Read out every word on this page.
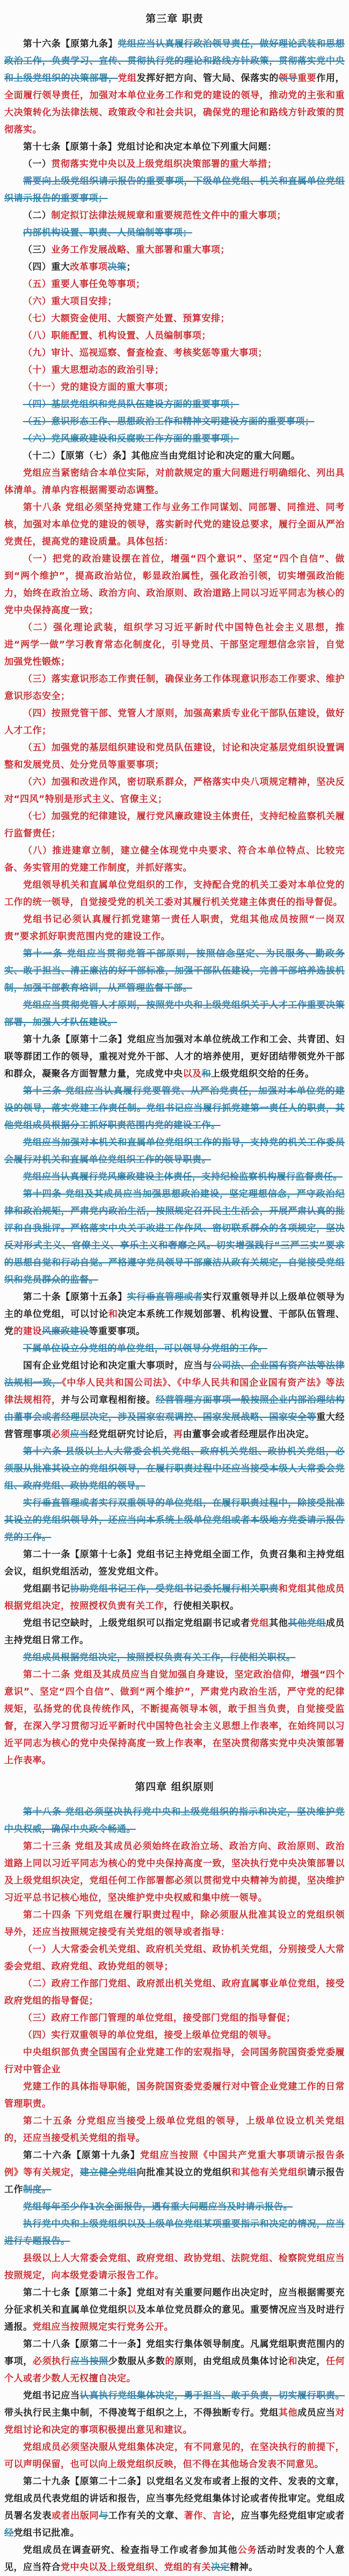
第三章 职责

第十六条【原第九条】党组应当认真履行政治领导责任，做好理论武装和思想政治工作，负责学习、宣传、贯彻执行党的理论和路线方针政策，贯彻落实党中央和上级党组织的决策部署，党组发挥好把方向、管大局、保落实的领导重要作用，全面履行领导责任，加强对本单位业务工作和党的建设的领导，推动党的主张和重大决策转化为法律法规、政策政令和社会共识，确保党的理论和路线方针政策的贯彻落实。

第十七条【原第十条】党组讨论和决定本单位下列重大问题：

（一）贯彻落实党中央以及上级党组织决策部署的重大举措；

需要向上级党组织请示报告的重要事项，下级单位党组、机关和直属单位党组织请示报告的重要事项；

（二）制定拟订法律法规规章和重要规范性文件中的重大事项；

内部机构设置、职责、人员编制等事项；

（三）业务工作发展战略、重大部署和重大事项；

（四）重大改革事项决策；

（五）重要人事任免等事项；

（六）重大项目安排；

（七）大额资金使用、大额资产处置、预算安排；

（八）职能配置、机构设置、人员编制事项；

（九）审计、巡视巡察、督查检查、考核奖惩等重大事项；

（十）重大思想动态的政治引导；

（十一）党的建设方面的重大事项；

（四）基层党组织和党员队伍建设方面的重要事项；

（五）意识形态工作、思想政治工作和精神文明建设方面的重要事项；

（六）党风廉政建设和反腐败工作方面的重要事项；

（十二）【原第（七）条】其他应当由党组讨论和决定的重大问题。

党组应当紧密结合本单位实际，对前款规定的重大问题进行明确细化、列出具体清单。清单内容根据需要动态调整。

第十八条 党组必须坚持党建工作与业务工作同谋划、同部署、同推进、同考核，加强对本单位党的建设的领导，落实新时代党的建设总要求，履行全面从严治党责任，提高党的建设质量。具体包括：

（一）把党的政治建设摆在首位，增强“四个意识”、坚定“四个自信”、做到“两个维护”，提高政治站位，彰显政治属性，强化政治引领，切实增强政治能力，始终在政治立场、政治方向、政治原则、政治道路上同以习近平同志为核心的党中央保持高度一致；

（二）强化理论武装，组织学习习近平新时代中国特色社会主义思想，推进“两学一做”学习教育常态化制度化，引导党员、干部坚定理想信念宗旨，自觉加强党性锻炼；

（三）落实意识形态工作责任制，确保业务工作体现意识形态工作要求、维护意识形态安全；

（四）按照党管干部、党管人才原则，加强高素质专业化干部队伍建设，做好人才工作；

（五）加强党的基层组织建设和党员队伍建设，讨论和决定基层党组织设置调整和发展党员、处分党员等重要事项；

（六）加强和改进作风，密切联系群众，严格落实中央八项规定精神，坚决反对“四风”特别是形式主义、官僚主义；

（七）加强党的纪律建设，履行党风廉政建设主体责任，支持纪检监察机关履行监督责任；

（八）推进建章立制，建立健全体现党中央要求、符合本单位特点、比较完备、务实管用的党建工作制度，并抓好落实。

党组领导机关和直属单位党组织的工作，支持配合党的机关工委对本单位党的工作的统一领导，自觉接受党的机关工委对其履行机关党建主体责任的指导督促。

党组书记必须认真履行抓党建第一责任人职责，党组其他成员按照“一岗双责”要求抓好职责范围内党的建设工作。

第十一条 党组应当贯彻党管干部原则，按照信念坚定、为民服务、勤政务实、敢于担当、清正廉洁的好干部标准，加强干部队伍建设，完善干部培养选拔机制，加强干部教育培训，从严管理监督干部。

党组应当贯彻党管人才原则，按照党中央和上级党组织关于人才工作重要决策部署，加强人才队伍建设。

第十九条【原第十二条】党组应当加强对本单位统战工作和工会、共青团、妇联等群团工作的领导，重视对党外干部、人才的培养使用，更好团结带领党外干部和群众，凝聚各方面智慧力量，完成党中央以及和上级党组织交给的任务。

第十三条 党组应当认真履行党要管党、从严治党责任，加强对本单位党的建设的领导，落实党建工作责任制。党组书记应当履行抓党建第一责任人的职责，其他党组成员根据分工抓好职责范围内党的建设工作。

党组应当加强对本机关和直属单位党组织工作的指导，支持党的机关工作委员会履行对机关和直属单位党组织工作的领导职责。

党组应当认真履行党风廉政建设主体责任，支持纪检监察机构履行监督责任。

第十四条 党组及其成员应当加强思想政治建设，坚定理想信念，严守政治纪律和政治规矩，严肃党内政治生活，按照规定召开民主生活会，开展严肃认真的批评和自我批评。严格落实中央关于改进工作作风、密切联系群众的各项规定，坚决反对形式主义、官僚主义、享乐主义和奢靡之风。切实增强践行“三严三实”要求的思想自觉和行动自觉。严格遵守党员领导干部廉洁从政有关规定，自觉接受党组织和党员群众的监督。

第二十条【原第十五条】实行垂直管理或者实行双重领导并以上级单位领导为主的单位党组，可以讨论和决定本系统工作规划部署、机构设置、干部队伍管理、党的建设风廉政建设等重要事项。

下属单位设立分党组的单位党组，可以领导分党组的工作。

国有企业党组讨论和决定重大事项时，应当与公司法、企业国有资产法等法律法规相一致，《中华人民共和国公司法》、《中华人民共和国企业国有资产法》等法律法规相符，并与公司章程相衔接。经营管理方面事项一般按照企业内部治理结构由董事会或者经理层决定，涉及国家宏观调控、国家发展战略、国家安全等重大经营管理事项必须应当经党组研究讨论后，再由董事会或者经理层作出决定。

第十六条 县级以上人大常委会机关党组、政府机关党组、政协机关党组，必须服从批准其设立的党组织领导，在履行职责过程中还应当接受本级人大常委会党组、政府党组、政协党组的领导。

实行垂直管理或者实行双重领导的单位党组，在履行职责过程中，除接受批准其设立的党组织领导外，还应当向本系统上级单位党组或者本级地方党委请示报告党的工作。

第二十一条【原第十七条】党组书记主持党组全面工作，负责召集和主持党组会议，组织党组活动，签发党组文件。

党组副书记协助党组书记工作，受党组书记委托履行相关职责和党组其他成员根据党组决定，按照授权负责有关工作，行使相关职权。

党组书记空缺时，上级党组织可以指定党组副书记或者党组其他其他党组成员主持党组日常工作。

党组成员根据党组决定，按照授权负责有关工作，行使相关职权。

第二十二条 党组及其成员应当自觉加强自身建设，坚定政治信仰，增强“四个意识”、坚定“四个自信”、做到“两个维护”，严肃党内政治生活，严守党的纪律规矩，弘扬党的优良传统作风，不断提高领导本领，敢于担当负责，自觉接受监督，在深入学习贯彻习近平新时代中国特色社会主义思想上作表率，在始终同以习近平同志为核心的党中央保持高度一致上作表率，在坚决贯彻落实党中央决策部署上作表率。

第四章 组织原则

第十八条 党组必须坚决执行党中央和上级党组织的指示和决定，坚决维护党中央权威，确保中央政令畅通。

第二十三条 党组及其成员必须始终在政治立场、政治方向、政治原则、政治道路上同以习近平同志为核心的党中央保持高度一致，坚决执行党中央决策部署以及上级党组织决定，党组任何工作部署都必须以贯彻党中央精神为前提，坚决维护习近平总书记核心地位，坚决维护党中央权威和集中统一领导。

第二十四条 下列党组在履行职责过程中，除必须服从批准其设立的党组织领导外，还应当按照规定接受有关党组的领导或者指导：

（一）人大常委会机关党组、政府机关党组、政协机关党组，分别接受人大常委会党组、政府党组、政协党组的领导；

（二）政府工作部门党组、政府派出机关党组、政府直属事业单位党组，接受政府党组的指导督促；

（三）政府工作部门管理的单位党组，接受部门党组的指导督促；

（四）实行双重领导的单位党组，接受上级单位党组的领导。

中央组织部负责全国国有企业党建工作的宏观指导，会同国务院国资委党委履行对中管企业

党建工作的具体指导职能，国务院国资委党委履行对中管企业党建工作的日常管理职责。

第二十五条 分党组应当接受上级单位党组的领导，上级单位设立机关党组的，还应当接受机关党组的指导。

第二十六条【原第十九条】党组应当按照《中国共产党重大事项请示报告条例》等有关规定，建立健全党组向批准其设立的党组织和其他有关党组织请示报告工作制度。

党组每年至少作1次全面报告，遇有重大问题应当及时请示报告。

执行党中央和上级党组织以及上级单位党组某项重要指示和决定的情况，应当进行专题报告。

县级以上人大常委会党组、政府党组、政协党组、法院党组、检察院党组应当按照规定，向本级党委请示报告工作。

第二十七条【原第二十条】党组对有关重要问题作出决定时，应当根据需要充分征求机关和直属单位党组织以及本单位党员群众的意见。重要情况应当及时进行通报。党组应当按照规定实行党务公开。

第二十八条【原第二十一条】党组实行集体领导制度。凡属党组职责范围内的事项，必须执行应当按照少数服从多数的原则，由党组成员集体讨论和决定，任何个人或者少数人无权擅自决定。

党组书记应当认真执行党组集体决定，勇于担当、敢于负责，切实履行职责。带头执行民主集中制，不得凌驾于组织之上，不得独断专行。党组其他成员应当对党组讨论和决定的事项积极提出意见和建议。

党组成员必须坚决服从党组集体决定，有不同意见的，在坚决执行的前提下，可以声明保留，也可以向上级党组织反映，但不得在其他场合发表不同意见。

第二十九条【原第二十二条】以党组名义发布或者上报的文件、发表的文章，党组成员代表党组的讲话和报告，应当事先经党组集体讨论或者传批审定。党组成员署名发表或者出版同与工作有关的文章、著作、言论，应当事先经党组审定或者经党组书记批准。

党组成员在调查研究、检查指导工作或者参加其他公务活动时发表的个人意见，应当符合党中央以及上级党组织、党组的有关决定精神。
